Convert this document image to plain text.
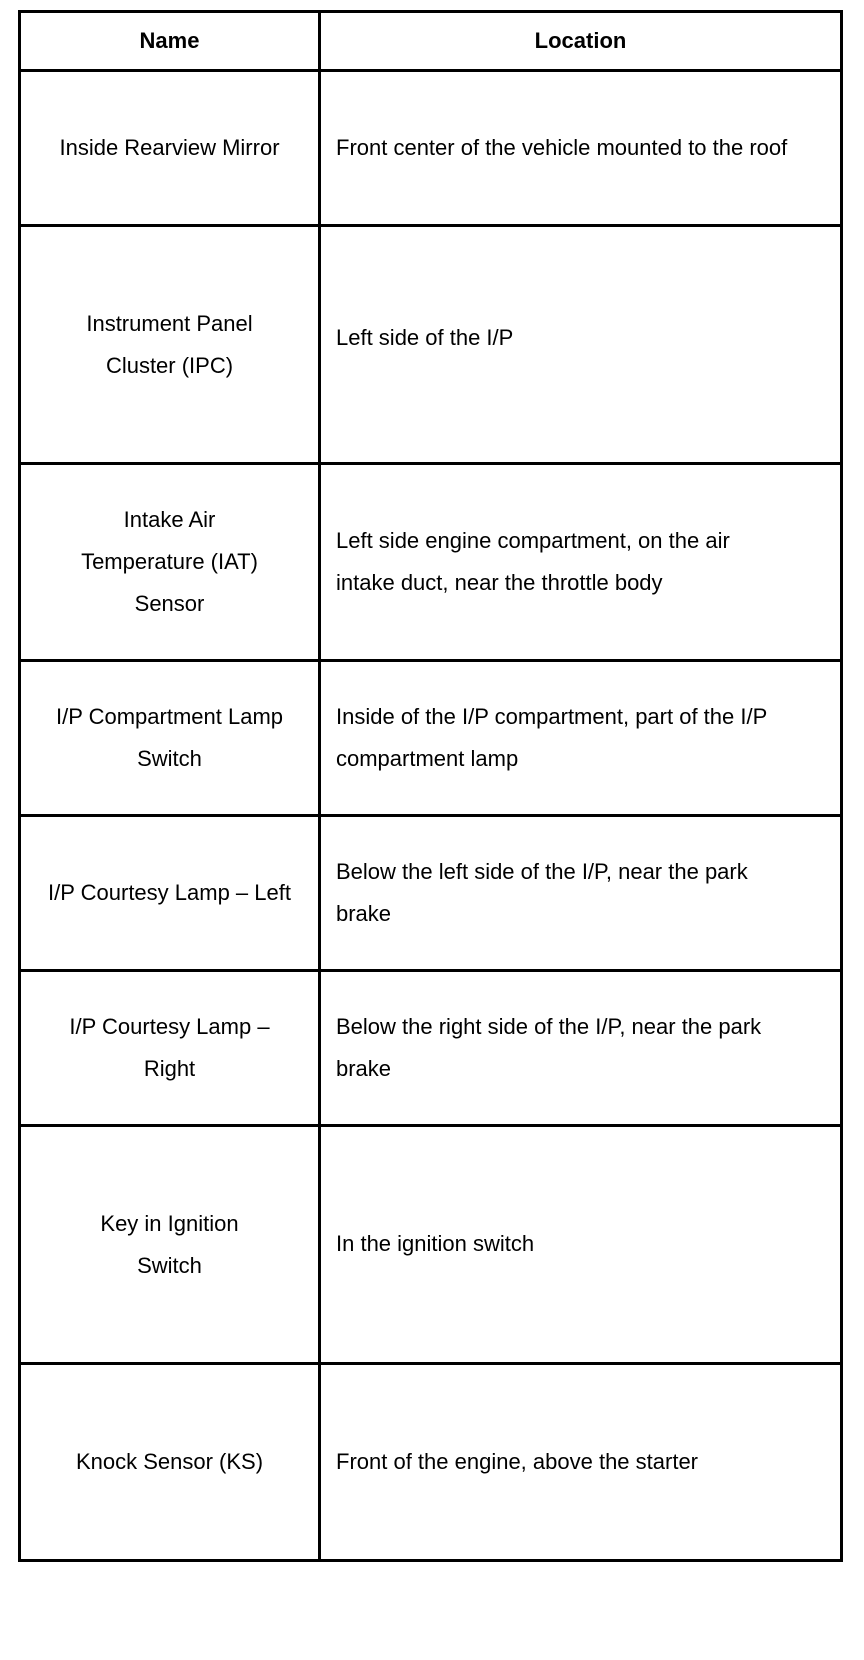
Name	Location
Inside Rearview Mirror	Front center of the vehicle mounted to the roof
Instrument Panel Cluster (IPC)	Left side of the I/P
Intake Air Temperature (IAT) Sensor	Left side engine compartment, on the air intake duct, near the throttle body
I/P Compartment Lamp Switch	Inside of the I/P compartment, part of the I/P compartment lamp
I/P Courtesy Lamp – Left	Below the left side of the I/P, near the park brake
I/P Courtesy Lamp – Right	Below the right side of the I/P, near the park brake
Key in Ignition Switch	In the ignition switch
Knock Sensor (KS)	Front of the engine, above the starter
